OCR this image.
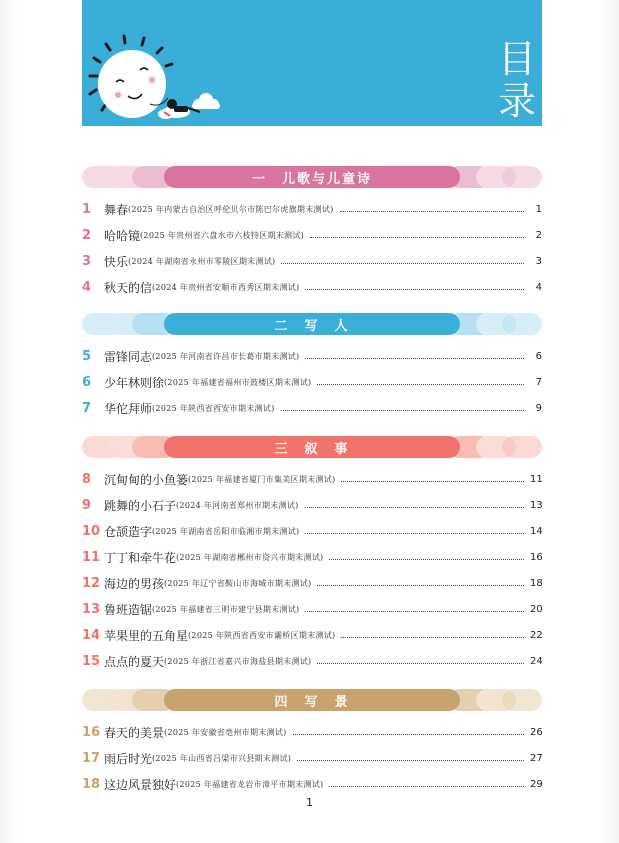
目
录
一　儿歌与儿童诗
1	舞春 (2025 年内蒙古自治区呼伦贝尔市陈巴尔虎旗期末测试)	1
2	哈哈镜 (2025 年贵州省六盘水市六枝特区期末测试)	2
3	快乐 (2024 年湖南省永州市零陵区期末测试)	3
4	秋天的信 (2024 年贵州省安顺市西秀区期末测试)	4
二　写　人
5	雷锋同志 (2025 年河南省许昌市长葛市期末测试)	6
6	少年林则徐 (2025 年福建省福州市鼓楼区期末测试)	7
7	华佗拜师 (2025 年陕西省西安市期末测试)	9
三　叙　事
8	沉甸甸的小鱼篓 (2025 年福建省厦门市集美区期末测试)	11
9	跳舞的小石子 (2024 年河南省郑州市期末测试)	13
10 仓颉造字 (2025 年湖南省岳阳市临湘市期末测试)	14
11 丁丁和牵牛花 (2025 年湖南省郴州市资兴市期末测试)	16
12 海边的男孩 (2025 年辽宁省鞍山市海城市期末测试)	18
13 鲁班造锯 (2025 年福建省三明市建宁县期末测试)	20
14 苹果里的五角星 (2025 年陕西省西安市灞桥区期末测试)	22
15 点点的夏天 (2025 年浙江省嘉兴市海盐县期末测试)	24
四　写　景
16 春天的美景 (2025 年安徽省亳州市期末测试)	26
17 雨后时光 (2025 年山西省吕梁市兴县期末测试)	27
18 这边风景独好 (2025 年福建省龙岩市漳平市期末测试)	29
1
